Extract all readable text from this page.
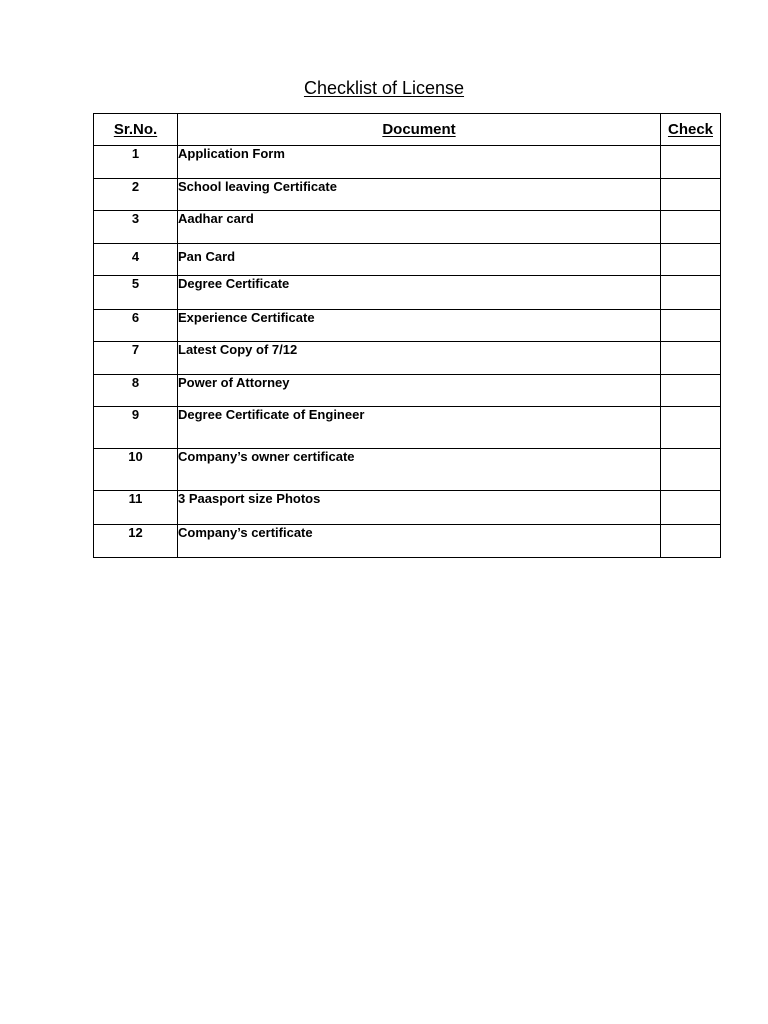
Checklist of License
Sr.No.	Document	Check
1	Application Form	
2	School leaving Certificate	
3	Aadhar card	
4	Pan Card	
5	Degree Certificate	
6	Experience Certificate	
7	Latest Copy of 7/12	
8	Power of Attorney	
9	Degree Certificate of Engineer	
10	Company’s owner certificate	
11	3 Paasport size Photos	
12	Company’s certificate	
